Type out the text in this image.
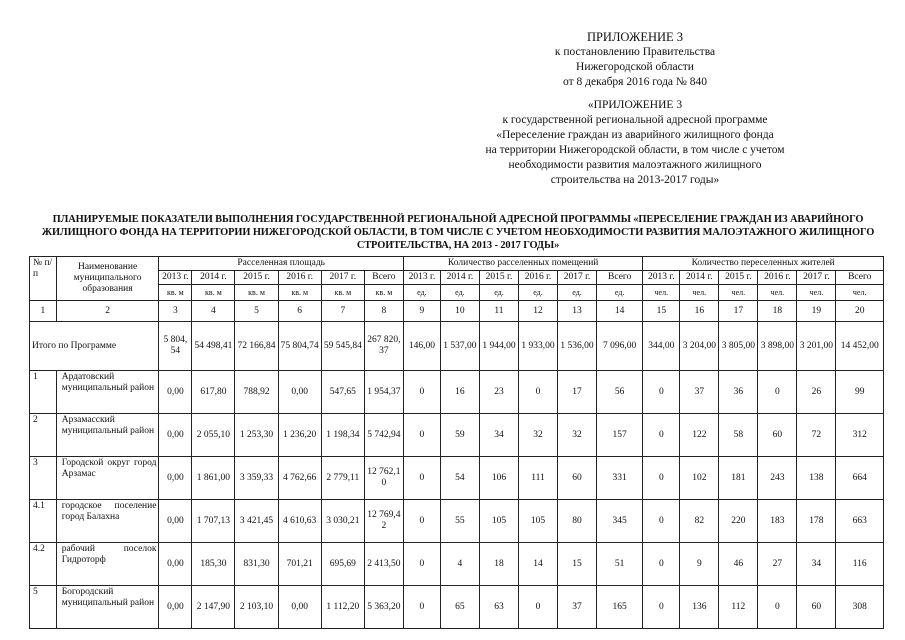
ПРИЛОЖЕНИЕ 3
к постановлению Правительства
Нижегородской области
от 8 декабря 2016 года № 840
«ПРИЛОЖЕНИЕ 3
к государственной региональной адресной программе
«Переселение граждан из аварийного жилищного фонда
на территории Нижегородской области, в том числе с учетом
необходимости развития малоэтажного жилищного
строительства на 2013-2017 годы»
ПЛАНИРУЕМЫЕ ПОКАЗАТЕЛИ ВЫПОЛНЕНИЯ ГОСУДАРСТВЕННОЙ РЕГИОНАЛЬНОЙ АДРЕСНОЙ ПРОГРАММЫ «ПЕРЕСЕЛЕНИЕ ГРАЖДАН ИЗ АВАРИЙНОГО ЖИЛИЩНОГО ФОНДА НА ТЕРРИТОРИИ НИЖЕГОРОДСКОЙ ОБЛАСТИ, В ТОМ ЧИСЛЕ С УЧЕТОМ НЕОБХОДИМОСТИ РАЗВИТИЯ МАЛОЭТАЖНОГО ЖИЛИЩНОГО СТРОИТЕЛЬСТВА, НА 2013 - 2017 ГОДЫ»
№ п/п	Наименование муниципального образования	Расселенная площадь						Количество расселенных помещений						Количество переселенных жителей					
		2013 г.	2014 г.	2015 г.	2016 г.	2017 г.	Всего	2013 г.	2014 г.	2015 г.	2016 г.	2017 г.	Всего	2013 г.	2014 г.	2015 г.	2016 г.	2017 г.	Всего
		кв. м	кв. м	кв. м	кв. м	кв. м	кв. м	ед.	ед.	ед.	ед.	ед.	ед.	чел.	чел.	чел.	чел.	чел.	чел.
1	2	3	4	5	6	7	8	9	10	11	12	13	14	15	16	17	18	19	20
Итого по Программе		5 804,54	54 498,41	72 166,84	75 804,74	59 545,84	267 820,37	146,00	1 537,00	1 944,00	1 933,00	1 536,00	7 096,00	344,00	3 204,00	3 805,00	3 898,00	3 201,00	14 452,00
1	Ардатовский муниципальный район	0,00	617,80	788,92	0,00	547,65	1 954,37	0	16	23	0	17	56	0	37	36	0	26	99
2	Арзамасский муниципальный район	0,00	2 055,10	1 253,30	1 236,20	1 198,34	5 742,94	0	59	34	32	32	157	0	122	58	60	72	312
3	Городской округ город Арзамас	0,00	1 861,00	3 359,33	4 762,66	2 779,11	12 762,10	0	54	106	111	60	331	0	102	181	243	138	664
4.1	городское поселение город Балахна	0,00	1 707,13	3 421,45	4 610,63	3 030,21	12 769,42	0	55	105	105	80	345	0	82	220	183	178	663
4.2	рабочий поселок Гидроторф	0,00	185,30	831,30	701,21	695,69	2 413,50	0	4	18	14	15	51	0	9	46	27	34	116
5	Богородский муниципальный район	0,00	2 147,90	2 103,10	0,00	1 112,20	5 363,20	0	65	63	0	37	165	0	136	112	0	60	308
